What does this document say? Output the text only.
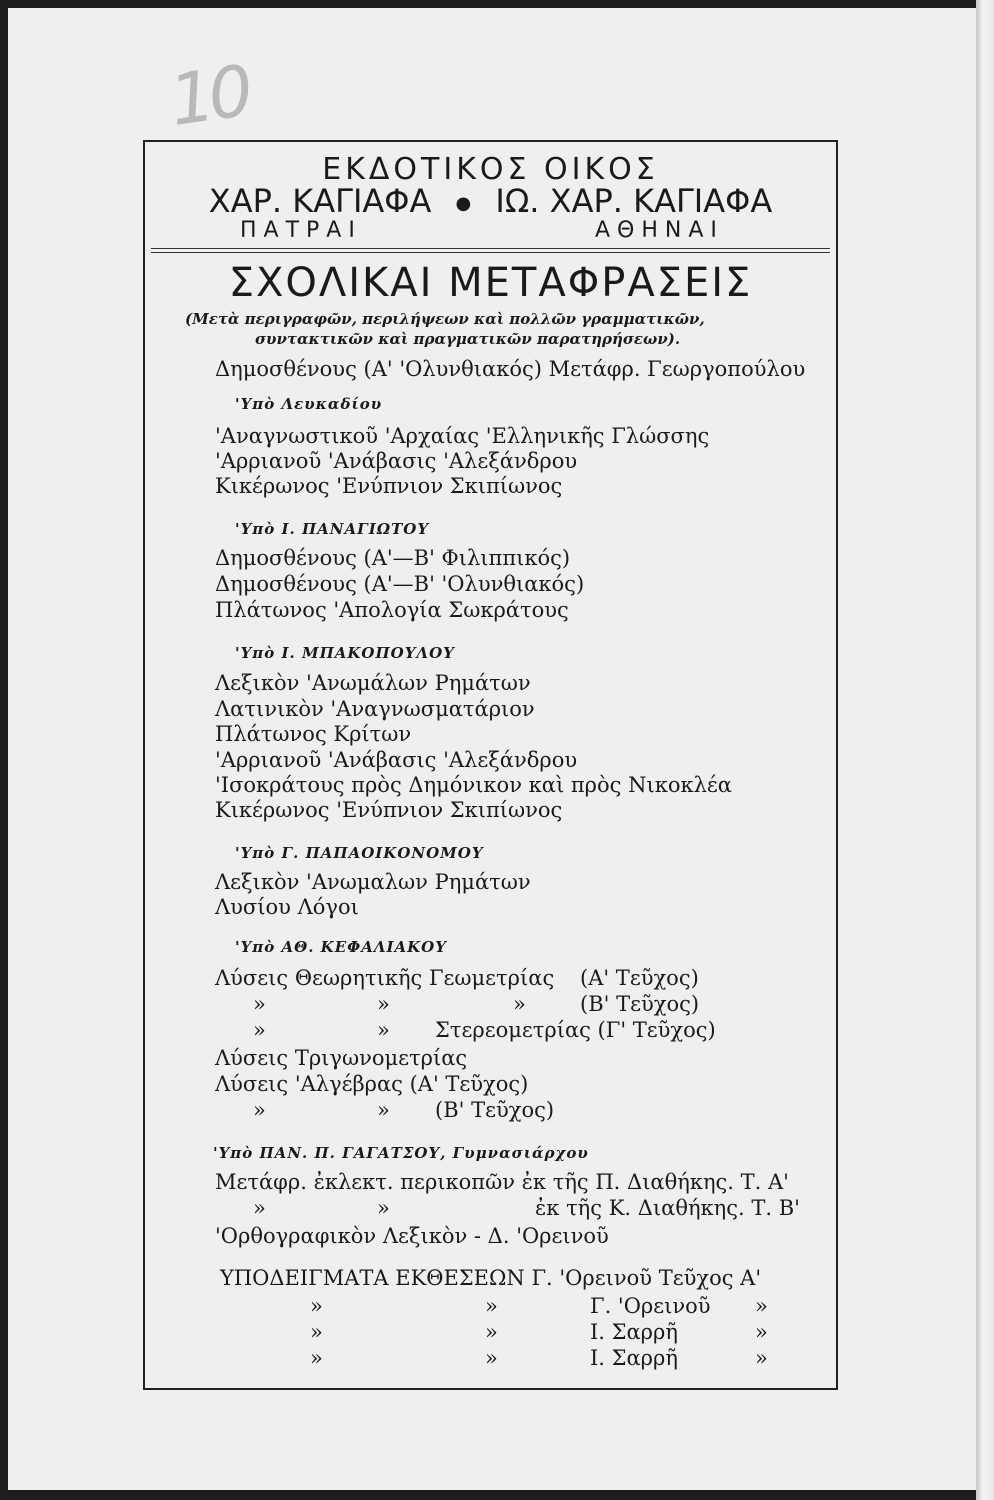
10
ΕΚΔΟΤΙΚΟΣ ΟΙΚΟΣ
ΧΑΡ. ΚΑΓΙΑΦΑ ● ΙΩ. ΧΑΡ. ΚΑΓΙΑΦΑ
ΠΑΤΡΑΙ	ΑΘΗΝΑΙ
ΣΧΟΛΙΚΑΙ ΜΕΤΑΦΡΑΣΕΙΣ
(Μετὰ περιγραφῶν, περιλήψεων καὶ πολλῶν γραμματικῶν,
συντακτικῶν καὶ πραγματικῶν παρατηρήσεων).
Δημοσθένους (Α' 'Ολυνθιακός) Μετάφρ. Γεωργοπούλου
'Υπὸ Λευκαδίου
'Αναγνωστικοῦ 'Αρχαίας 'Ελληνικῆς Γλώσσης
'Αρριανοῦ 'Ανάβασις 'Αλεξάνδρου
Κικέρωνος 'Ενύπνιον Σκιπίωνος
'Υπὸ Ι. ΠΑΝΑΓΙΩΤΟΥ
Δημοσθένους (Α'—Β' Φιλιππικός)
Δημοσθένους (Α'—Β' 'Ολυνθιακός)
Πλάτωνος 'Απολογία Σωκράτους
'Υπὸ Ι. ΜΠΑΚΟΠΟΥΛΟΥ
Λεξικὸν 'Ανωμάλων Ρημάτων
Λατινικὸν 'Αναγνωσματάριον
Πλάτωνος Κρίτων
'Αρριανοῦ 'Ανάβασις 'Αλεξάνδρου
'Ισοκράτους πρὸς Δημόνικον καὶ πρὸς Νικοκλέα
Κικέρωνος 'Ενύπνιον Σκιπίωνος
'Υπὸ Γ. ΠΑΠΑΟΙΚΟΝΟΜΟΥ
Λεξικὸν 'Ανωμαλων Ρημάτων
Λυσίου Λόγοι
'Υπὸ ΑΘ. ΚΕΦΑΛΙΑΚΟΥ
Λύσεις Θεωρητικῆς Γεωμετρίας (Α' Τεῦχος)
»	»	»	(Β' Τεῦχος)
»	» Στερεομετρίας (Γ' Τεῦχος)
Λύσεις Τριγωνομετρίας
Λύσεις 'Αλγέβρας (Α' Τεῦχος)
»	» (Β' Τεῦχος)
'Υπὸ ΠΑΝ. Π. ΓΑΓΑΤΣΟΥ, Γυμνασιάρχου
Μετάφρ. ἐκλεκτ. περικοπῶν ἐκ τῆς Π. Διαθήκης. Τ. Α'
»	»	ἐκ τῆς Κ. Διαθήκης. Τ. Β'
'Ορθογραφικὸν Λεξικὸν - Δ. 'Ορεινοῦ
ΥΠΟΔΕΙΓΜΑΤΑ ΕΚΘΕΣΕΩΝ Γ. 'Ορεινοῦ Τεῦχος Α'
»	»	Γ. 'Ορεινοῦ »
»	»	Ι. Σαρρῆ	»
»	»	Ι. Σαρρῆ	»
